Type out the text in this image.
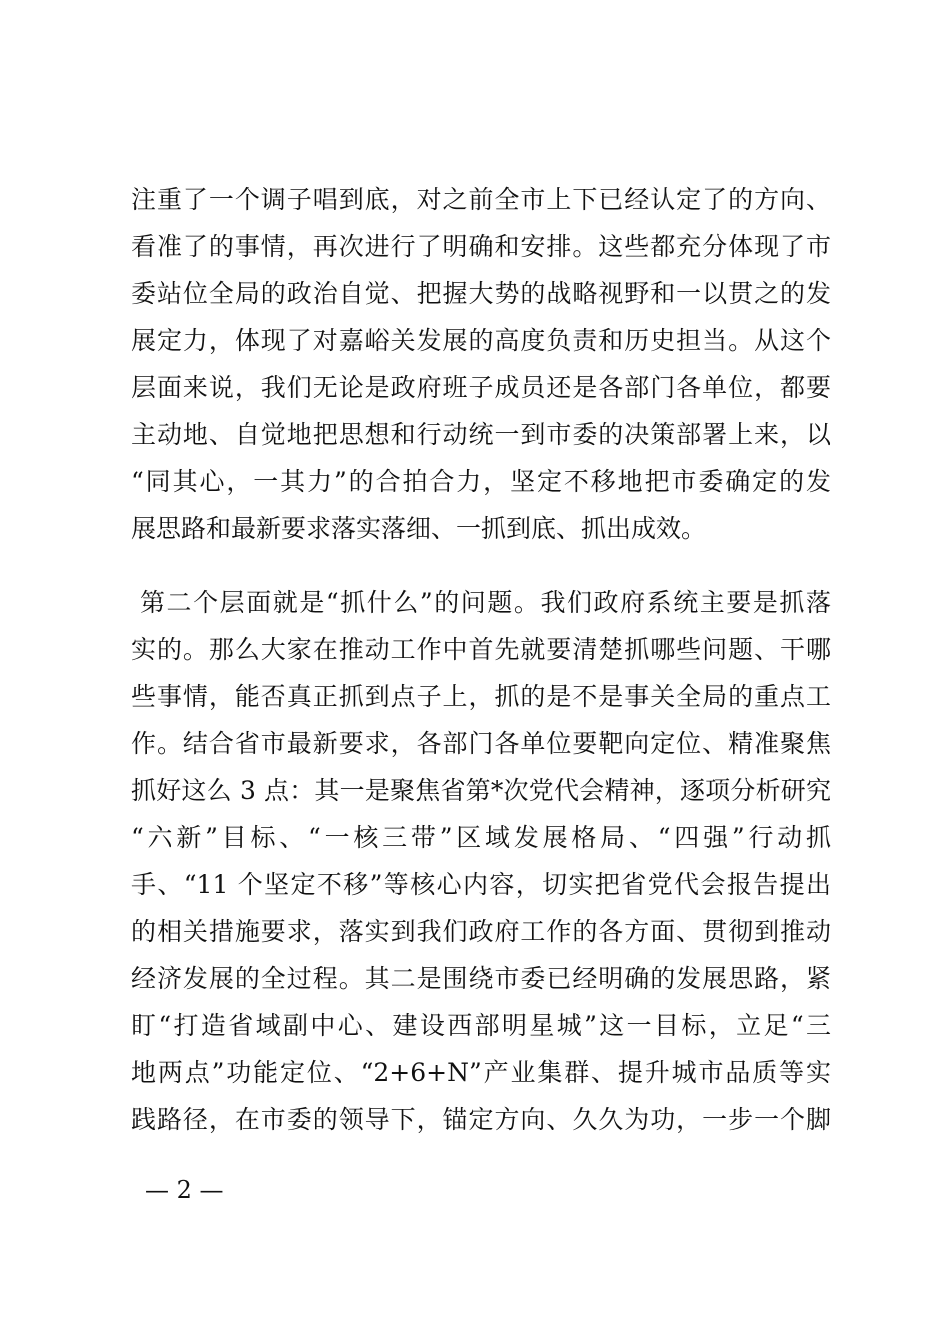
注重了一个调子唱到底，对之前全市上下已经认定了的方向、
看准了的事情，再次进行了明确和安排。这些都充分体现了市
委站位全局的政治自觉、把握大势的战略视野和一以贯之的发
展定力，体现了对嘉峪关发展的高度负责和历史担当。从这个
层面来说，我们无论是政府班子成员还是各部门各单位，都要
主动地、自觉地把思想和行动统一到市委的决策部署上来，以
“同其心，一其力”的合拍合力，坚定不移地把市委确定的发
展思路和最新要求落实落细、一抓到底、抓出成效。
第二个层面就是“抓什么”的问题。我们政府系统主要是抓落
实的。那么大家在推动工作中首先就要清楚抓哪些问题、干哪
些事情，能否真正抓到点子上，抓的是不是事关全局的重点工
作。结合省市最新要求，各部门各单位要靶向定位、精准聚焦
抓好这么 3 点：其一是聚焦省第*次党代会精神，逐项分析研究
“六新”目标、“一核三带”区域发展格局、“四强”行动抓
手、“11 个坚定不移”等核心内容，切实把省党代会报告提出
的相关措施要求，落实到我们政府工作的各方面、贯彻到推动
经济发展的全过程。其二是围绕市委已经明确的发展思路，紧
盯“打造省域副中心、建设西部明星城”这一目标，立足“三
地两点”功能定位、“2+6+N”产业集群、提升城市品质等实
践路径，在市委的领导下，锚定方向、久久为功，一步一个脚
— 2 —
